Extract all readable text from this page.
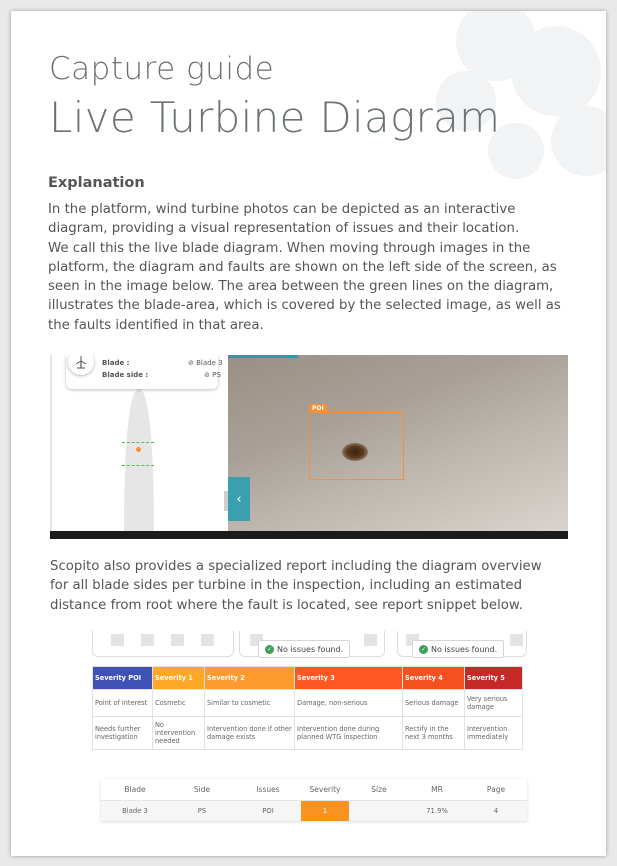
Capture guide
Live Turbine Diagram
Explanation
In the platform, wind turbine photos can be depicted as an interactive
diagram, providing a visual representation of issues and their location.
We call this the live blade diagram. When moving through images in the
platform, the diagram and faults are shown on the left side of the screen, as
seen in the image below. The area between the green lines on the diagram,
illustrates the blade-area, which is covered by the selected image, as well as
the faults identified in that area.
Blade :	⊘ Blade 3
Blade side :	⊘ PS
POI
‹
Scopito also provides a specialized report including the diagram overview
for all blade sides per turbine in the inspection, including an estimated
distance from root where the fault is located, see report snippet below.
✓ No issues found.	✓ No issues found.
Severity POI	Severity 1	Severity 2	Severity 3	Severity 4	Severity 5
Point of interest	Cosmetic	Similar to cosmetic	Damage, non-serious	Serious damage	Very serious damage
Needs further investigation	No intervention needed	Intervention done if other damage exists	Intervention done during planned WTG inspection	Rectify in the next 3 months	Intervention immediately
Blade	Side	Issues	Severity	Size	MR	Page
Blade 3	PS	POI	1		71.9%	4
